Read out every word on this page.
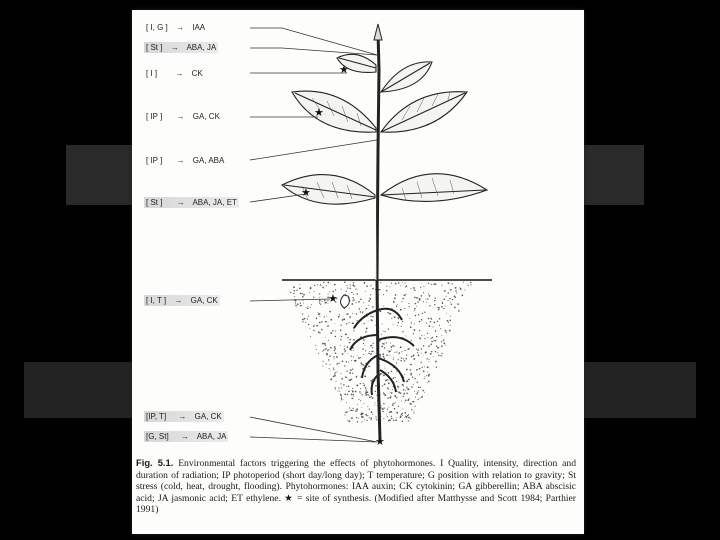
★
★
★
★
★
[ I, G ] → IAA
[ St ] → ABA, JA
[ I ] → CK
[ IP ] → GA, CK
[ IP ] → GA, ABA
[ St ] → ABA, JA, ET
[ I, T ] → GA, CK
[IP, T] → GA, CK
[G, St] → ABA, JA
Fig. 5.1. Environmental factors triggering the effects of phytohormones. I Quality, intensity, direction and duration of radiation; IP photoperiod (short day/long day); T temperature; G position with relation to gravity; St stress (cold, heat, drought, flooding). Phytohormones: IAA auxin; CK cytokinin; GA gibberellin; ABA abscisic acid; JA jasmonic acid; ET ethylene. ★ = site of synthesis. (Modified after Matthysse and Scott 1984; Parthier 1991)
